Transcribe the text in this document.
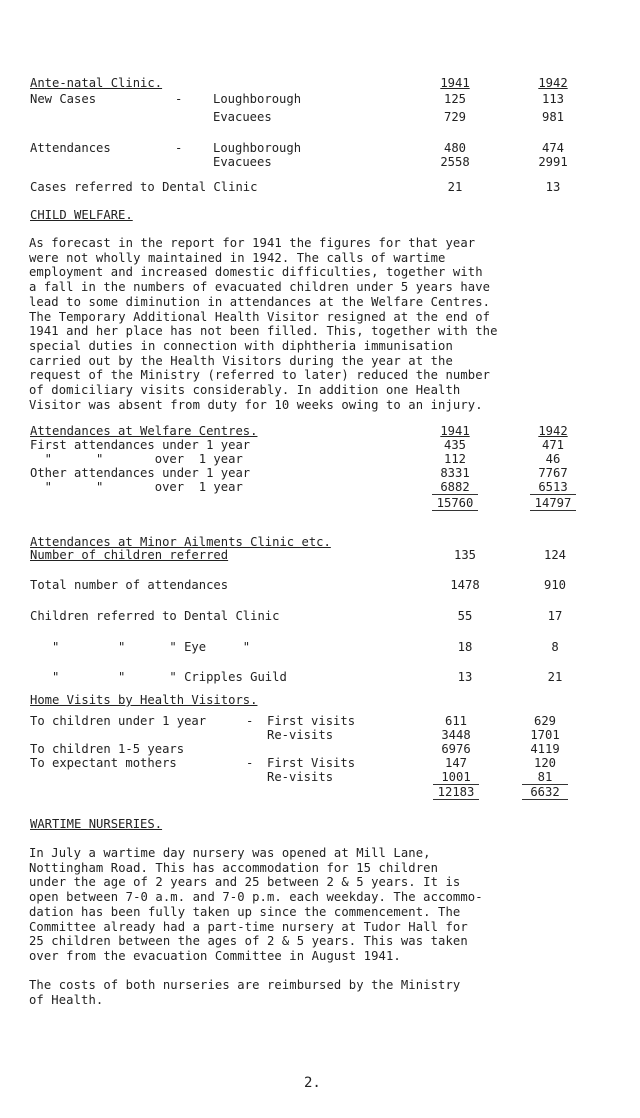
Ante-natal Clinic.	1941	1942
New Cases	-	Loughborough	125	113
Evacuees	729	981
Attendances	-	Loughborough	480	474
Evacuees	2558	2991
Cases referred to Dental Clinic	21	13
CHILD WELFARE.
As forecast in the report for 1941 the figures for that year
were not wholly maintained in 1942. The calls of wartime
employment and increased domestic difficulties, together with
a fall in the numbers of evacuated children under 5 years have
lead to some diminution in attendances at the Welfare Centres.
The Temporary Additional Health Visitor resigned at the end of
1941 and her place has not been filled. This, together with the
special duties in connection with diphtheria immunisation
carried out by the Health Visitors during the year at the
request of the Ministry (referred to later) reduced the number
of domiciliary visits considerably. In addition one Health
Visitor was absent from duty for 10 weeks owing to an injury.
Attendances at Welfare Centres.	1941	1942
First attendances under 1 year	435	471
"      "       over  1 year	112	46
Other attendances under 1 year	8331	7767
"      "       over  1 year	6882	6513
15760	14797
Attendances at Minor Ailments Clinic etc.
Number of children referred	135	124
Total number of attendances	1478	910
Children referred to Dental Clinic	55	17
"        "      " Eye     "	18	8
"        "      " Cripples Guild	13	21
Home Visits by Health Visitors.
To children under 1 year	- First visits	611	629
Re-visits	3448	1701
To children 1-5 years	6976	4119
To expectant mothers	- First Visits	147	120
Re-visits	1001	81
12183	6632
WARTIME NURSERIES.
In July a wartime day nursery was opened at Mill Lane,
Nottingham Road. This has accommodation for 15 children
under the age of 2 years and 25 between 2 & 5 years. It is
open between 7-0 a.m. and 7-0 p.m. each weekday. The accommo-
dation has been fully taken up since the commencement. The
Committee already had a part-time nursery at Tudor Hall for
25 children between the ages of 2 & 5 years. This was taken
over from the evacuation Committee in August 1941.
The costs of both nurseries are reimbursed by the Ministry
of Health.
2.
